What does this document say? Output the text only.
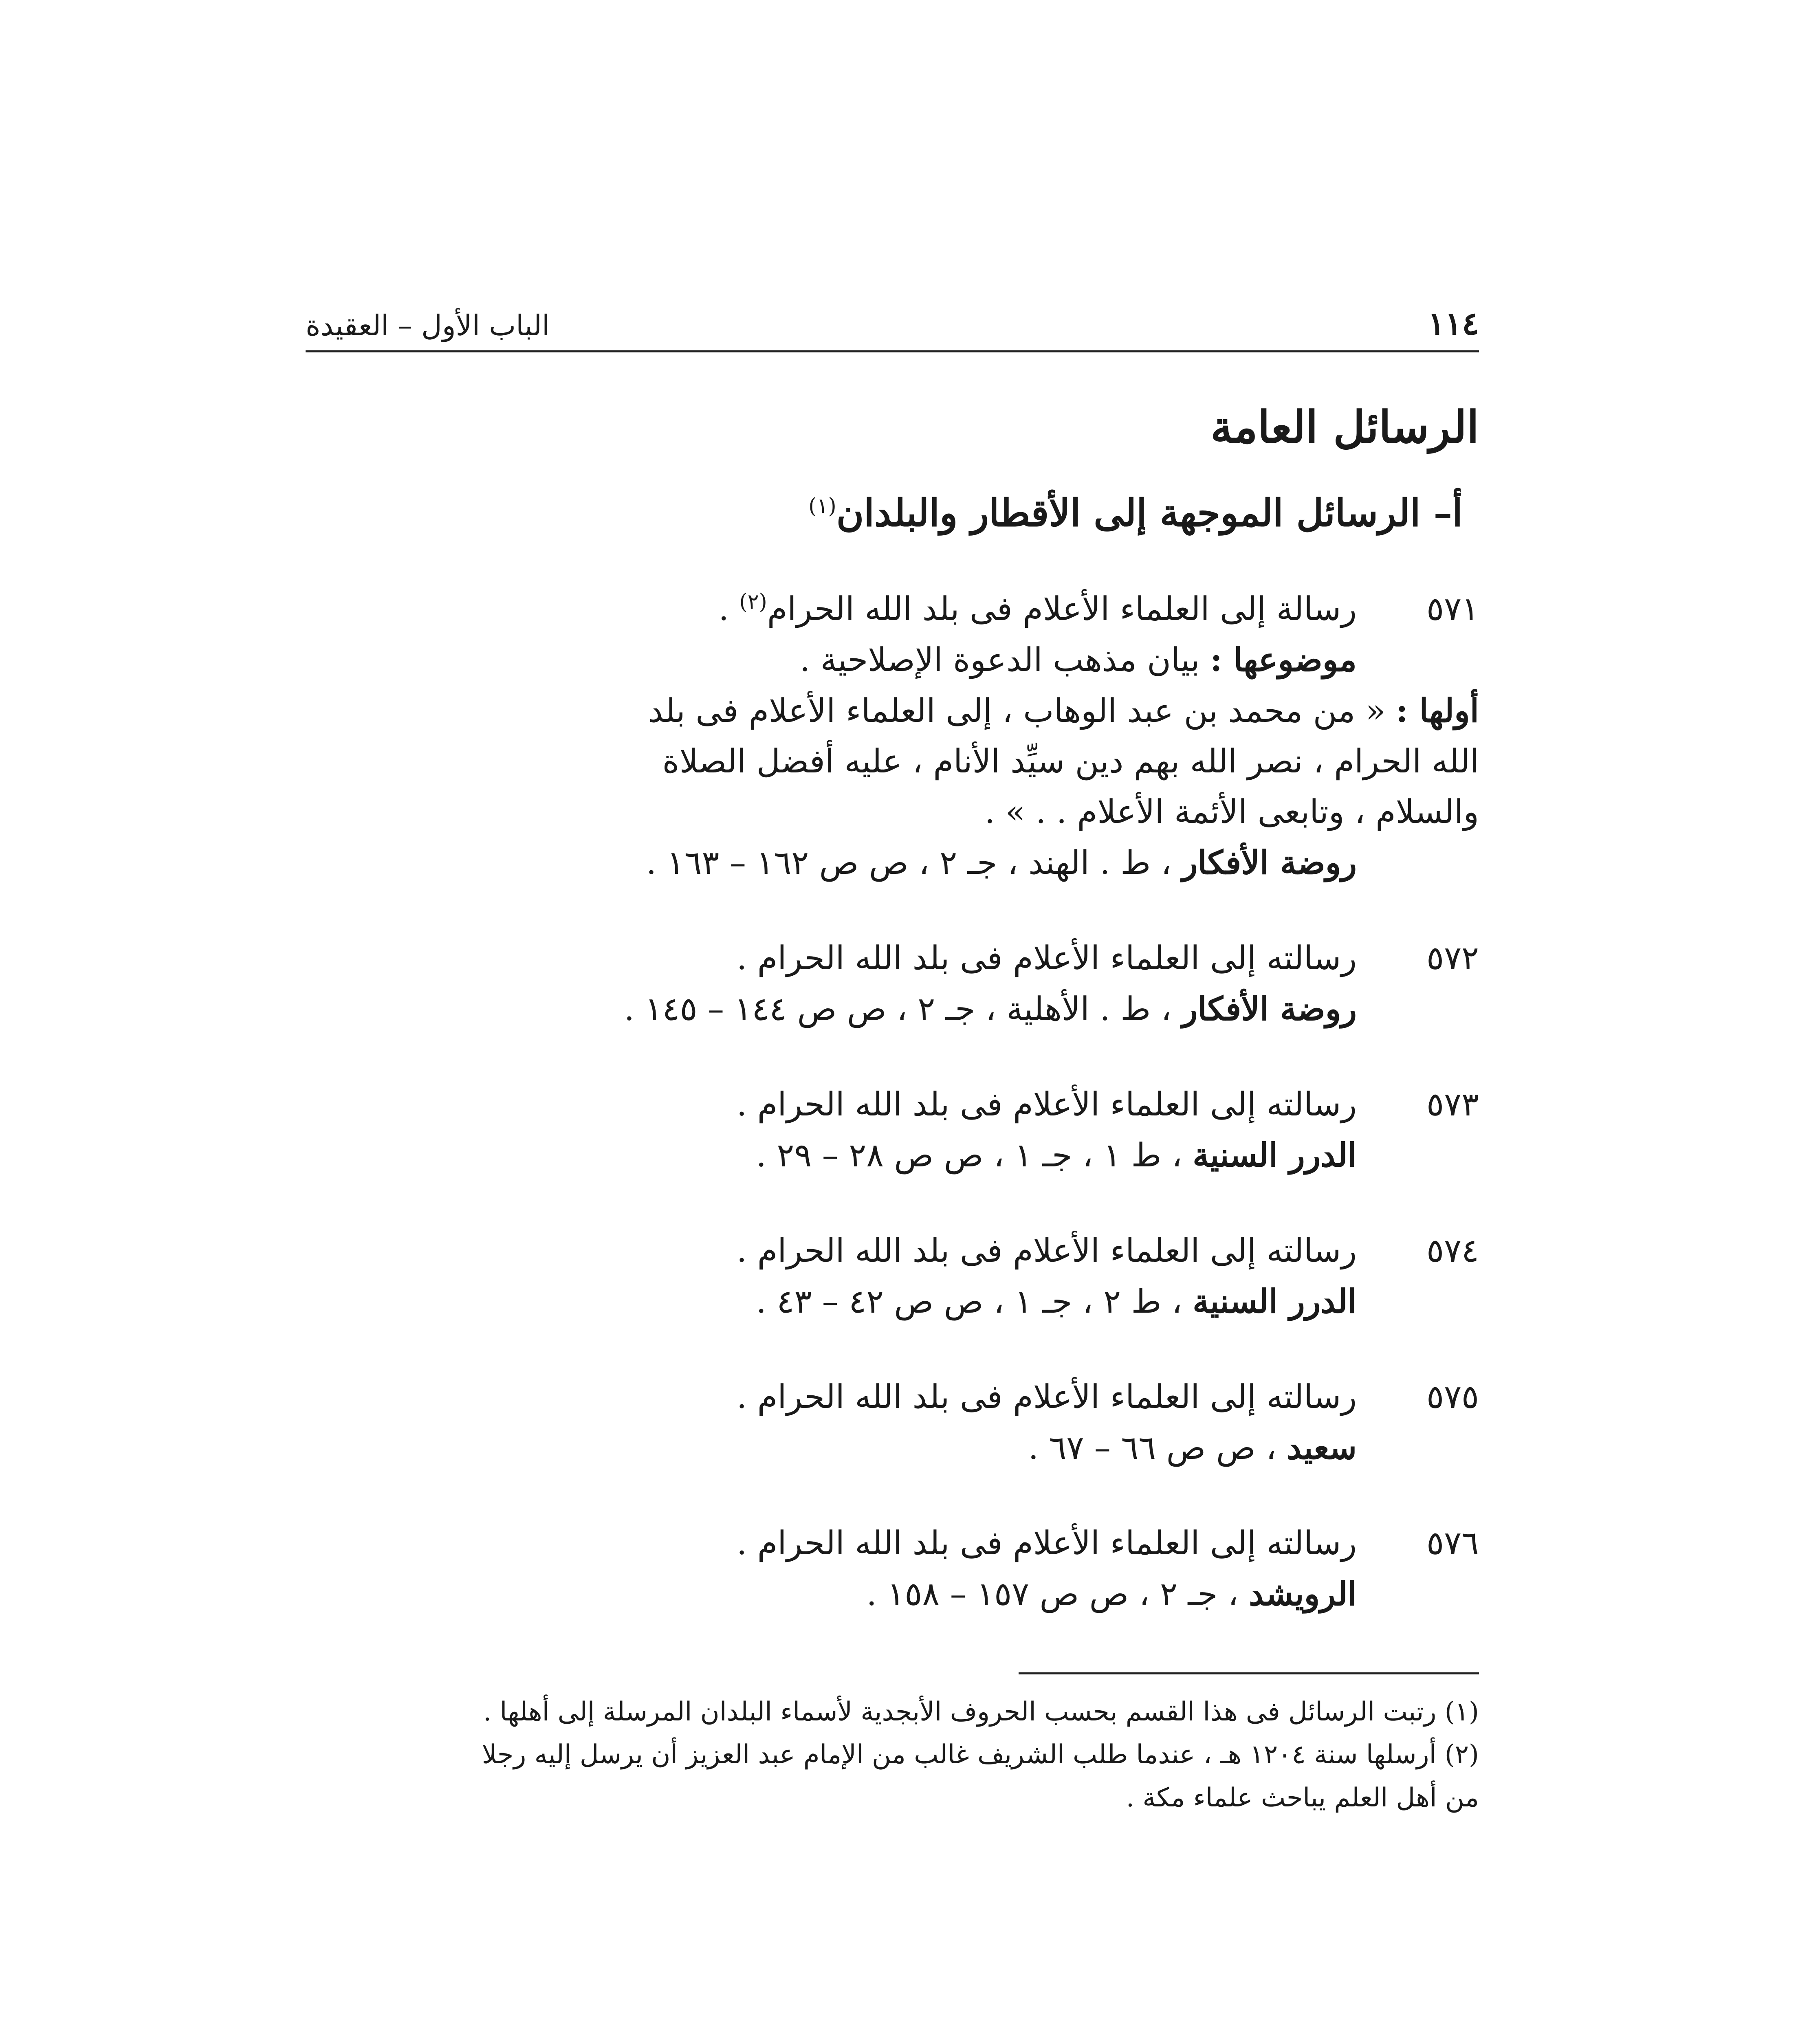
١١٤
الباب الأول – العقيدة
الرسائل العامة
أ– الرسائل الموجهة إلى الأقطار والبلدان$^{(١)}$
٥٧١
رسالة إلى العلماء الأعلام فى بلد الله الحرام$^{(٢)}$ .
موضوعها : بيان مذهب الدعوة الإصلاحية .
أولها : « من محمد بن عبد الوهاب ، إلى العلماء الأعلام فى بلد
الله الحرام ، نصر الله بهم دين سيِّد الأنام ، عليه أفضل الصلاة
والسلام ، وتابعى الأئمة الأعلام . . » .
روضة الأفكار ، ط . الهند ، جـ ٢ ، ص ص ١٦٢ – ١٦٣ .
٥٧٢
رسالته إلى العلماء الأعلام فى بلد الله الحرام .
روضة الأفكار ، ط . الأهلية ، جـ ٢ ، ص ص ١٤٤ – ١٤٥ .
٥٧٣
رسالته إلى العلماء الأعلام فى بلد الله الحرام .
الدرر السنية ، ط ١ ، جـ ١ ، ص ص ٢٨ – ٢٩ .
٥٧٤
رسالته إلى العلماء الأعلام فى بلد الله الحرام .
الدرر السنية ، ط ٢ ، جـ ١ ، ص ص ٤٢ – ٤٣ .
٥٧٥
رسالته إلى العلماء الأعلام فى بلد الله الحرام .
سعيد ، ص ص ٦٦ – ٦٧ .
٥٧٦
رسالته إلى العلماء الأعلام فى بلد الله الحرام .
الرويشد ، جـ ٢ ، ص ص ١٥٧ – ١٥٨ .
(١) رتبت الرسائل فى هذا القسم بحسب الحروف الأبجدية لأسماء البلدان المرسلة إلى أهلها .
(٢) أرسلها سنة ١٢٠٤ هـ ، عندما طلب الشريف غالب من الإمام عبد العزيز أن يرسل إليه رجلا
من أهل العلم يباحث علماء مكة .
